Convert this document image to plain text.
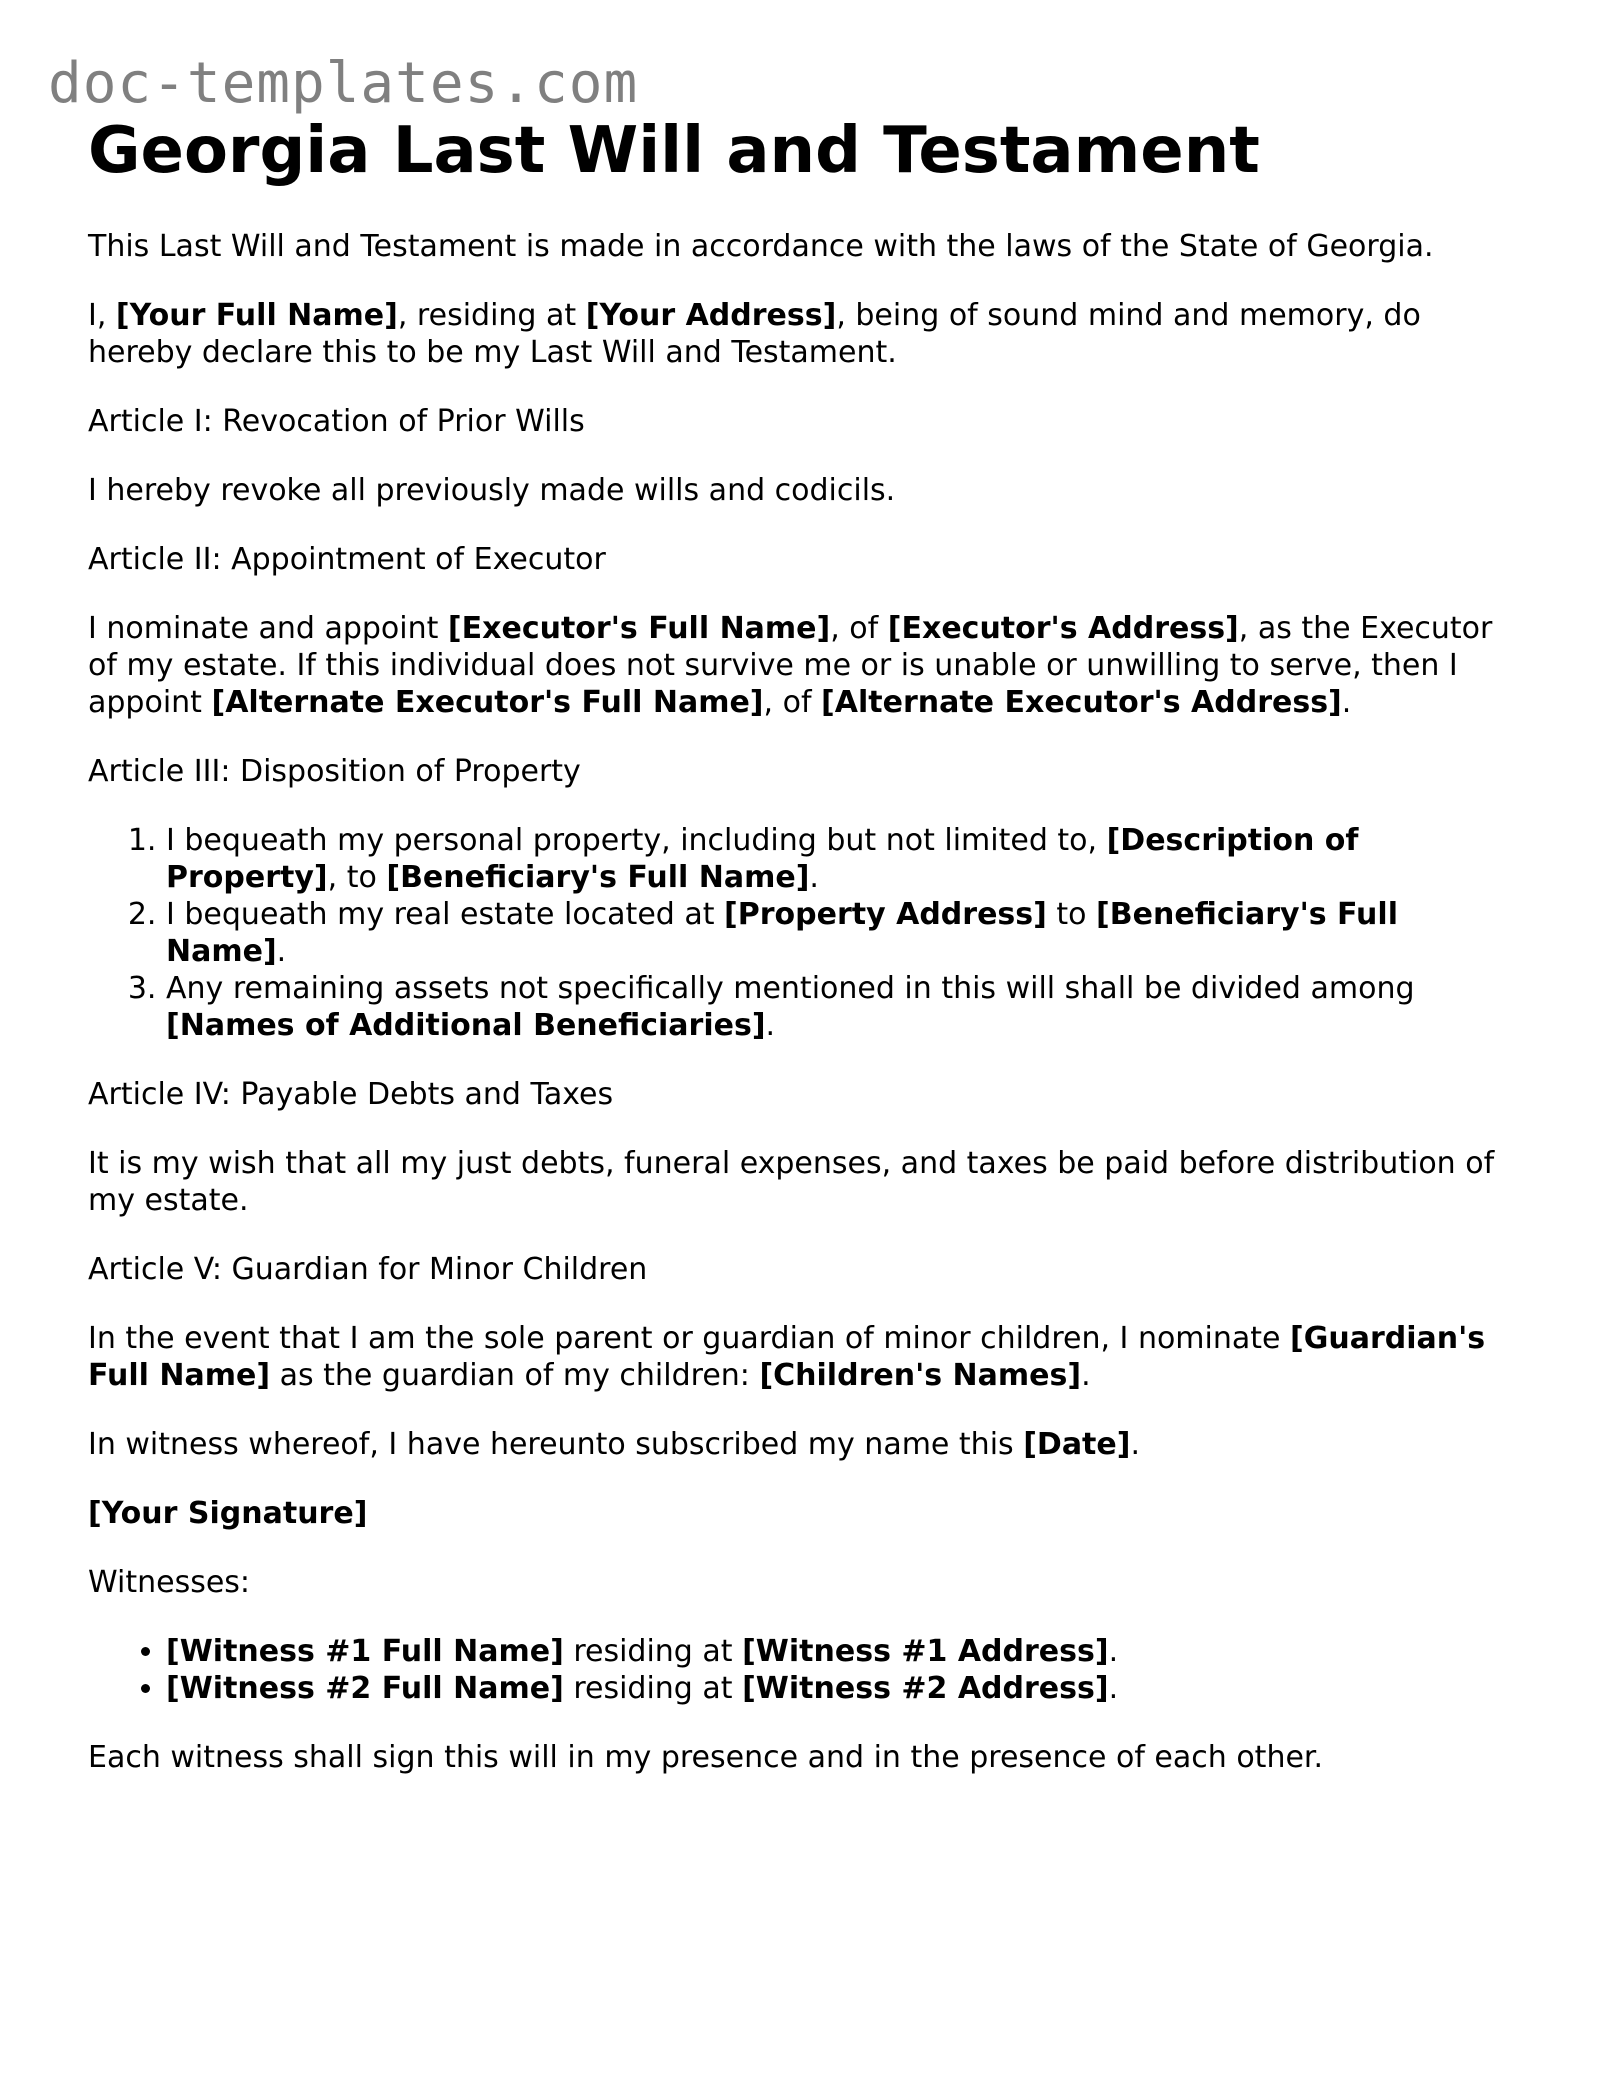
doc-templates.com
Georgia Last Will and Testament

This Last Will and Testament is made in accordance with the laws of the State of Georgia.

I, [Your Full Name], residing at [Your Address], being of sound mind and memory, do hereby declare this to be my Last Will and Testament.

Article I: Revocation of Prior Wills

I hereby revoke all previously made wills and codicils.

Article II: Appointment of Executor

I nominate and appoint [Executor's Full Name], of [Executor's Address], as the Executor of my estate. If this individual does not survive me or is unable or unwilling to serve, then I appoint [Alternate Executor's Full Name], of [Alternate Executor's Address].

Article III: Disposition of Property

1. I bequeath my personal property, including but not limited to, [Description of Property], to [Beneficiary's Full Name].
2. I bequeath my real estate located at [Property Address] to [Beneficiary's Full Name].
3. Any remaining assets not specifically mentioned in this will shall be divided among [Names of Additional Beneficiaries].

Article IV: Payable Debts and Taxes

It is my wish that all my just debts, funeral expenses, and taxes be paid before distribution of my estate.

Article V: Guardian for Minor Children

In the event that I am the sole parent or guardian of minor children, I nominate [Guardian's Full Name] as the guardian of my children: [Children's Names].

In witness whereof, I have hereunto subscribed my name this [Date].

[Your Signature]

Witnesses:

• [Witness #1 Full Name] residing at [Witness #1 Address].
• [Witness #2 Full Name] residing at [Witness #2 Address].

Each witness shall sign this will in my presence and in the presence of each other.
